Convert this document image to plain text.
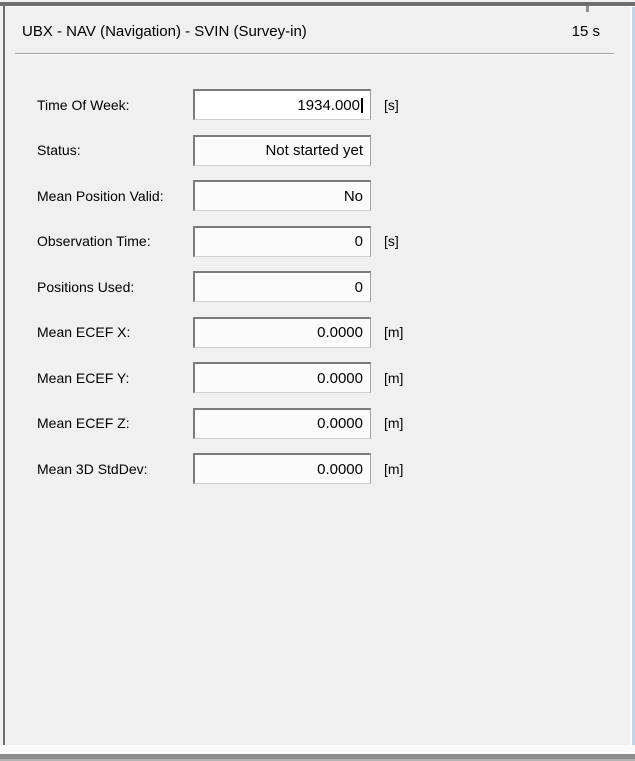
UBX - NAV (Navigation) - SVIN (Survey-in)	15 s
Time Of Week:	1934.000 [s]
Status:	Not started yet
Mean Position Valid:	No
Observation Time:	0 [s]
Positions Used:	0
Mean ECEF X:	0.0000 [m]
Mean ECEF Y:	0.0000 [m]
Mean ECEF Z:	0.0000 [m]
Mean 3D StdDev:	0.0000 [m]
